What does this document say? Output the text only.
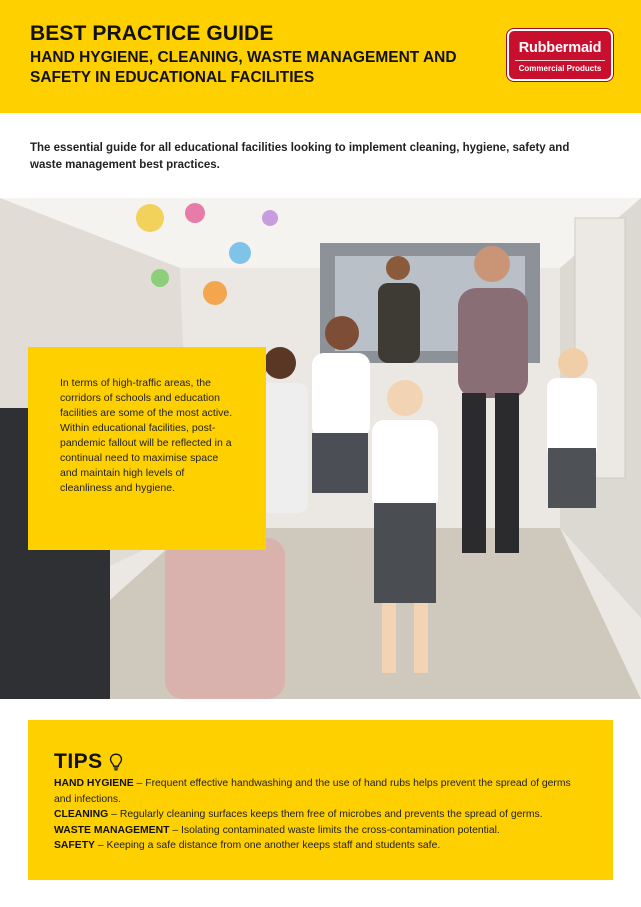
BEST PRACTICE GUIDE
HAND HYGIENE, CLEANING, WASTE MANAGEMENT AND SAFETY IN EDUCATIONAL FACILITIES
Rubbermaid
Commercial Products

The essential guide for all educational facilities looking to implement cleaning, hygiene, safety and waste management best practices.

In terms of high-traffic areas, the corridors of schools and education facilities are some of the most active. Within educational facilities, post-pandemic fallout will be reflected in a continual need to maximise space and maintain high levels of cleanliness and hygiene.
TIPS

HAND HYGIENE – Frequent effective handwashing and the use of hand rubs helps prevent the spread of germs and infections.

CLEANING – Regularly cleaning surfaces keeps them free of microbes and prevents the spread of germs.

WASTE MANAGEMENT – Isolating contaminated waste limits the cross-contamination potential.

SAFETY – Keeping a safe distance from one another keeps staff and students safe.
